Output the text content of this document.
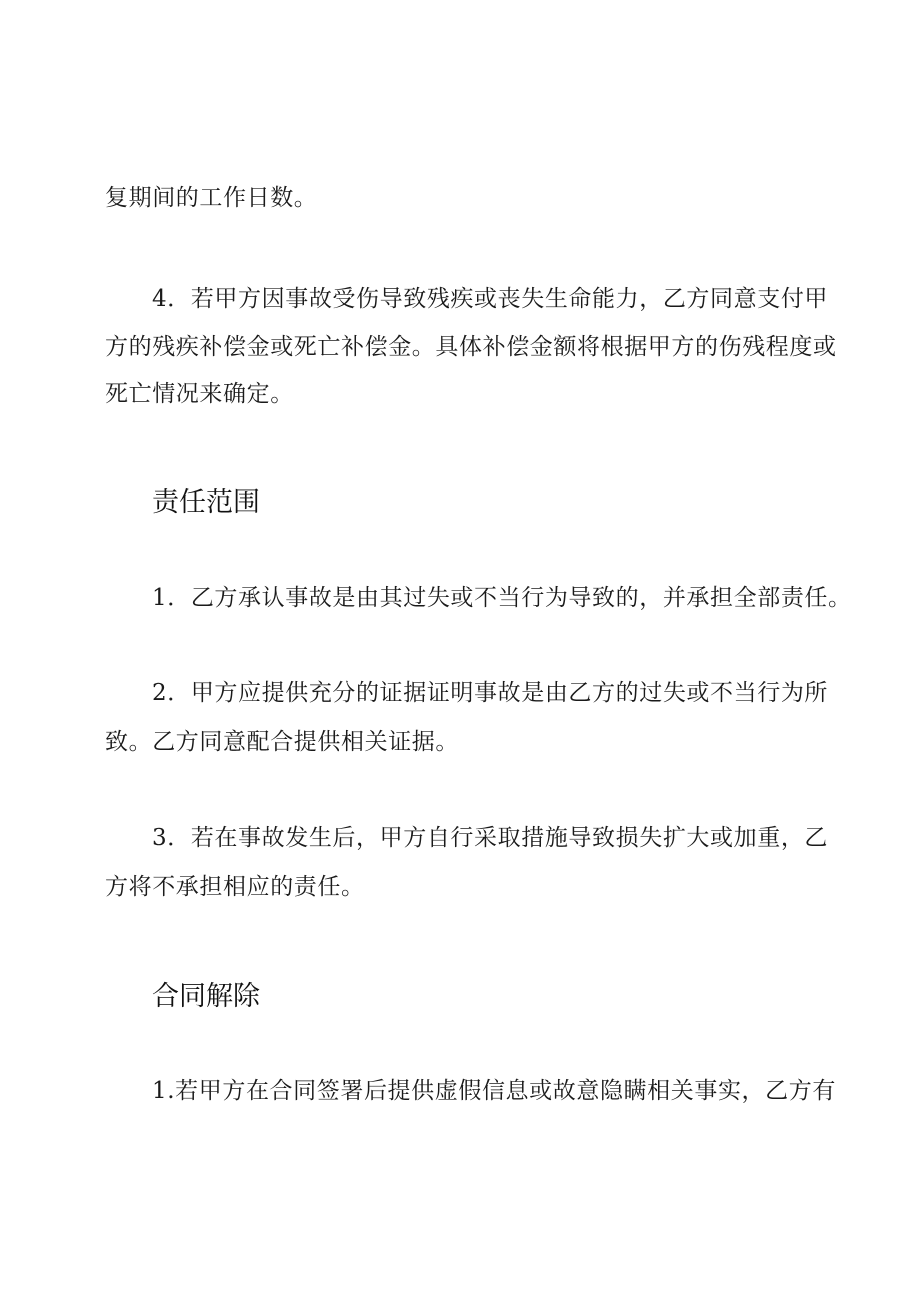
复期间的工作日数。
4．若甲方因事故受伤导致残疾或丧失生命能力，乙方同意支付甲
方的残疾补偿金或死亡补偿金。具体补偿金额将根据甲方的伤残程度或
死亡情况来确定。
责任范围
1．乙方承认事故是由其过失或不当行为导致的，并承担全部责任。
2．甲方应提供充分的证据证明事故是由乙方的过失或不当行为所
致。乙方同意配合提供相关证据。
3．若在事故发生后，甲方自行采取措施导致损失扩大或加重，乙
方将不承担相应的责任。
合同解除
1.若甲方在合同签署后提供虚假信息或故意隐瞒相关事实，乙方有
